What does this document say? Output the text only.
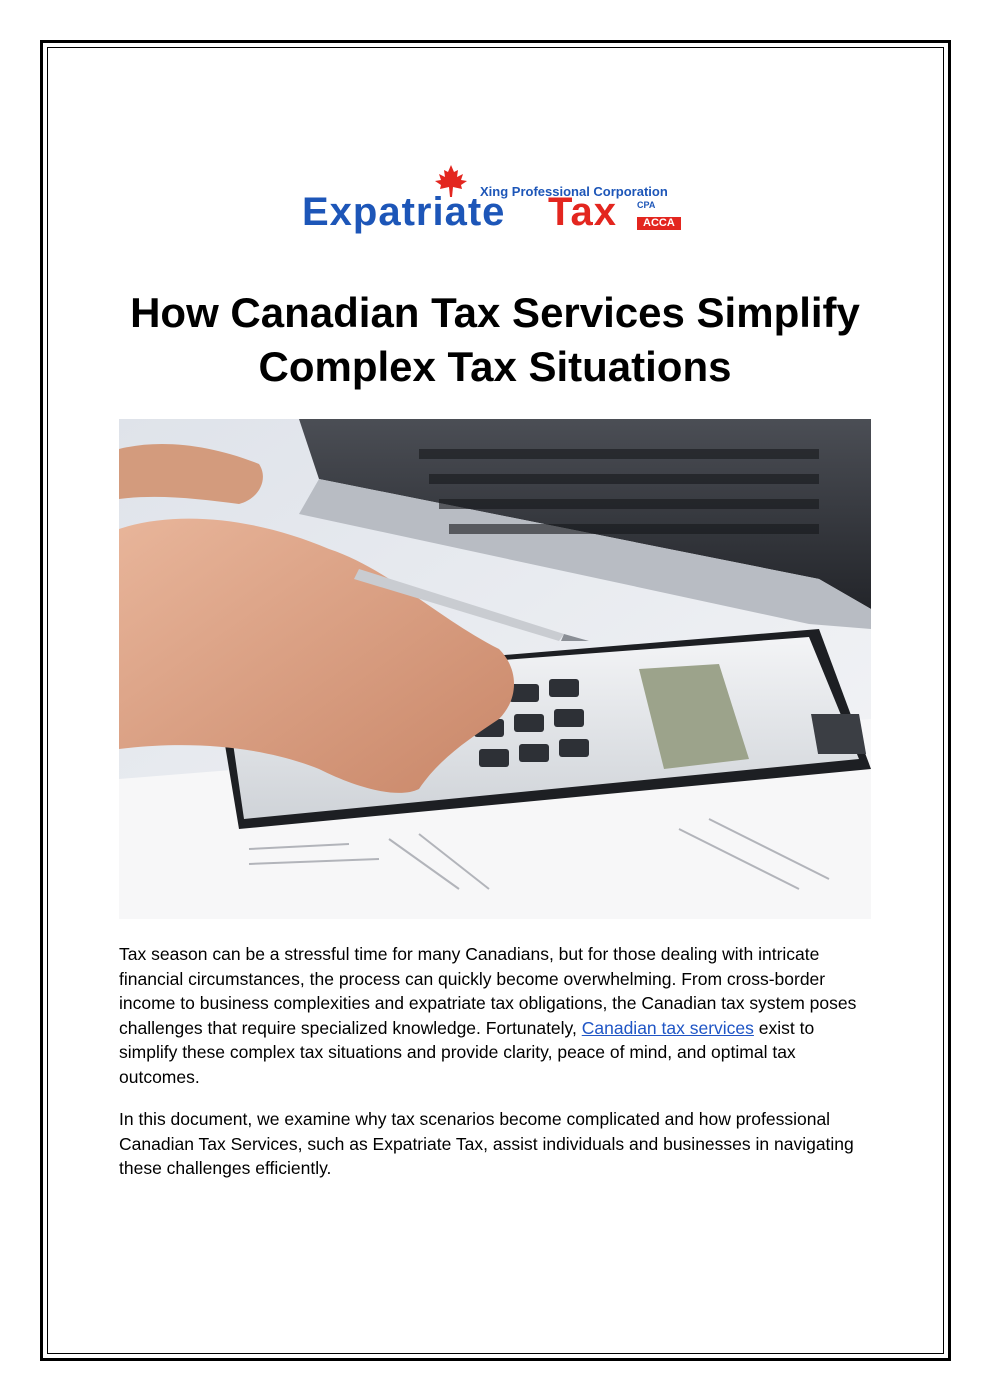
Xing Professional Corporation
Expatriate Tax CPA
ACCA
How Canadian Tax Services Simplify
Complex Tax Situations

Tax season can be a stressful time for many Canadians, but for those dealing with intricate financial circumstances, the process can quickly become overwhelming. From cross-border income to business complexities and expatriate tax obligations, the Canadian tax system poses challenges that require specialized knowledge. Fortunately, Canadian tax services exist to simplify these complex tax situations and provide clarity, peace of mind, and optimal tax outcomes.

In this document, we examine why tax scenarios become complicated and how professional Canadian Tax Services, such as Expatriate Tax, assist individuals and businesses in navigating these challenges efficiently.
